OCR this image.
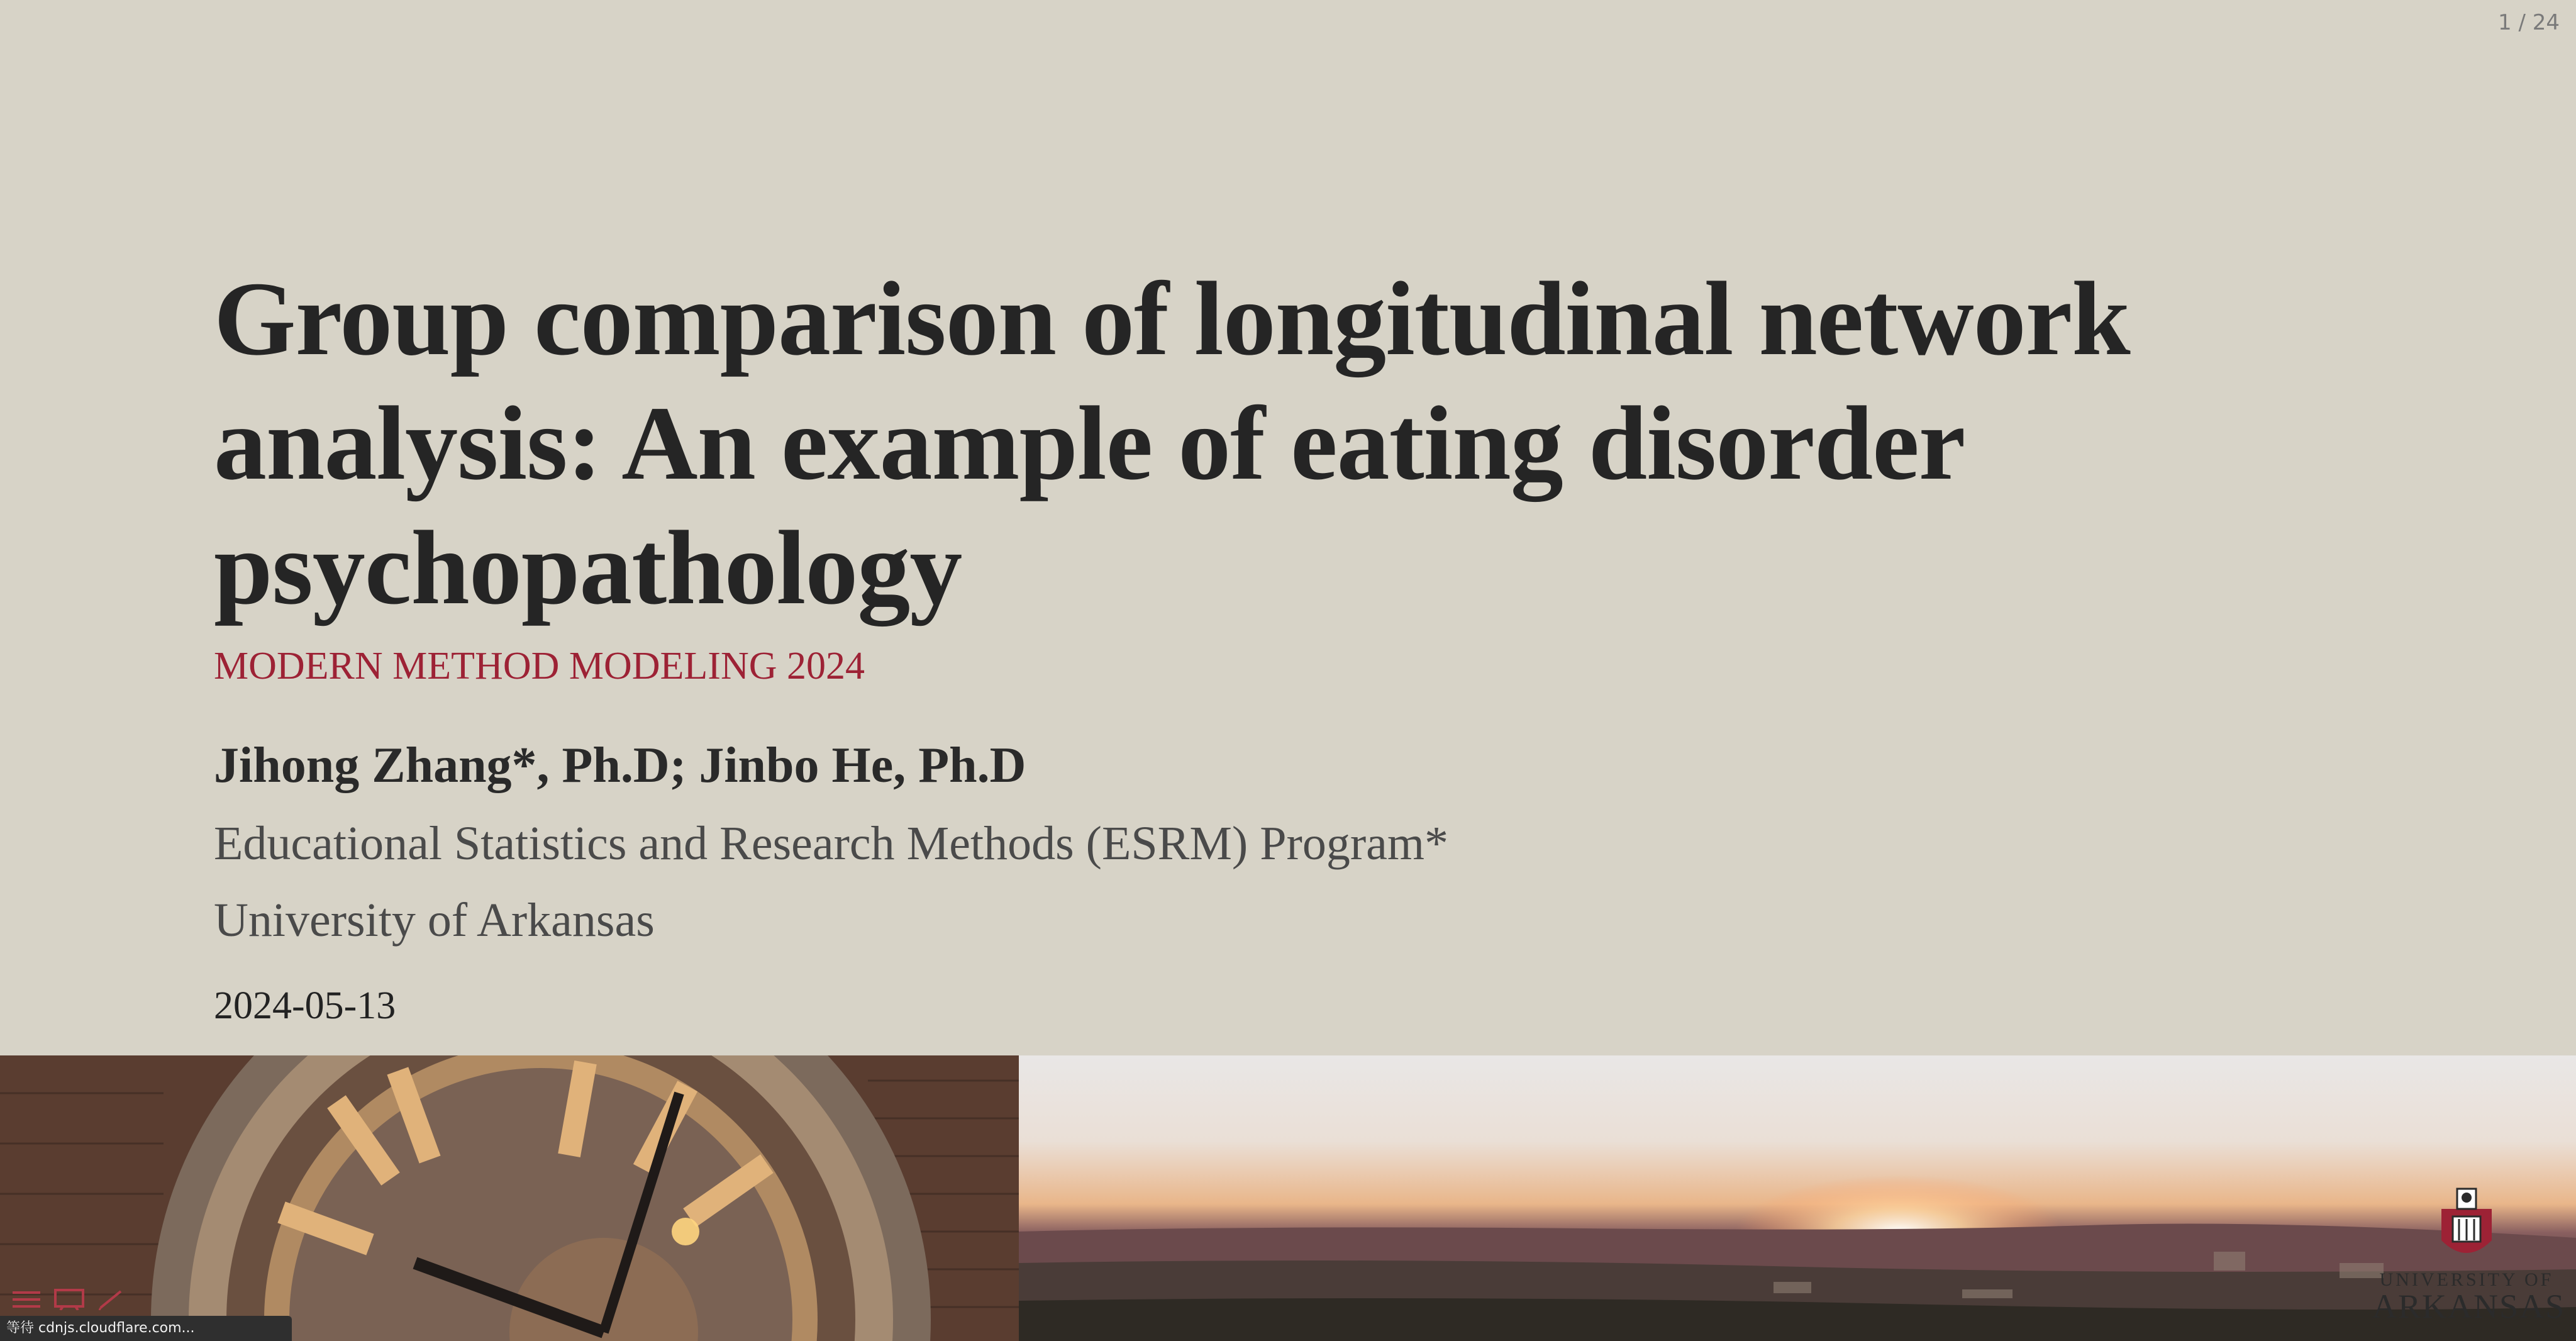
1 / 24
Group comparison of longitudinal network analysis: An example of eating disorder psychopathology
MODERN METHOD MODELING 2024
Jihong Zhang*, Ph.D; Jinbo He, Ph.D
Educational Statistics and Research Methods (ESRM) Program*
University of Arkansas
2024-05-13
UNIVERSITY OF
ARKANSAS
等待 cdnjs.cloudflare.com...
